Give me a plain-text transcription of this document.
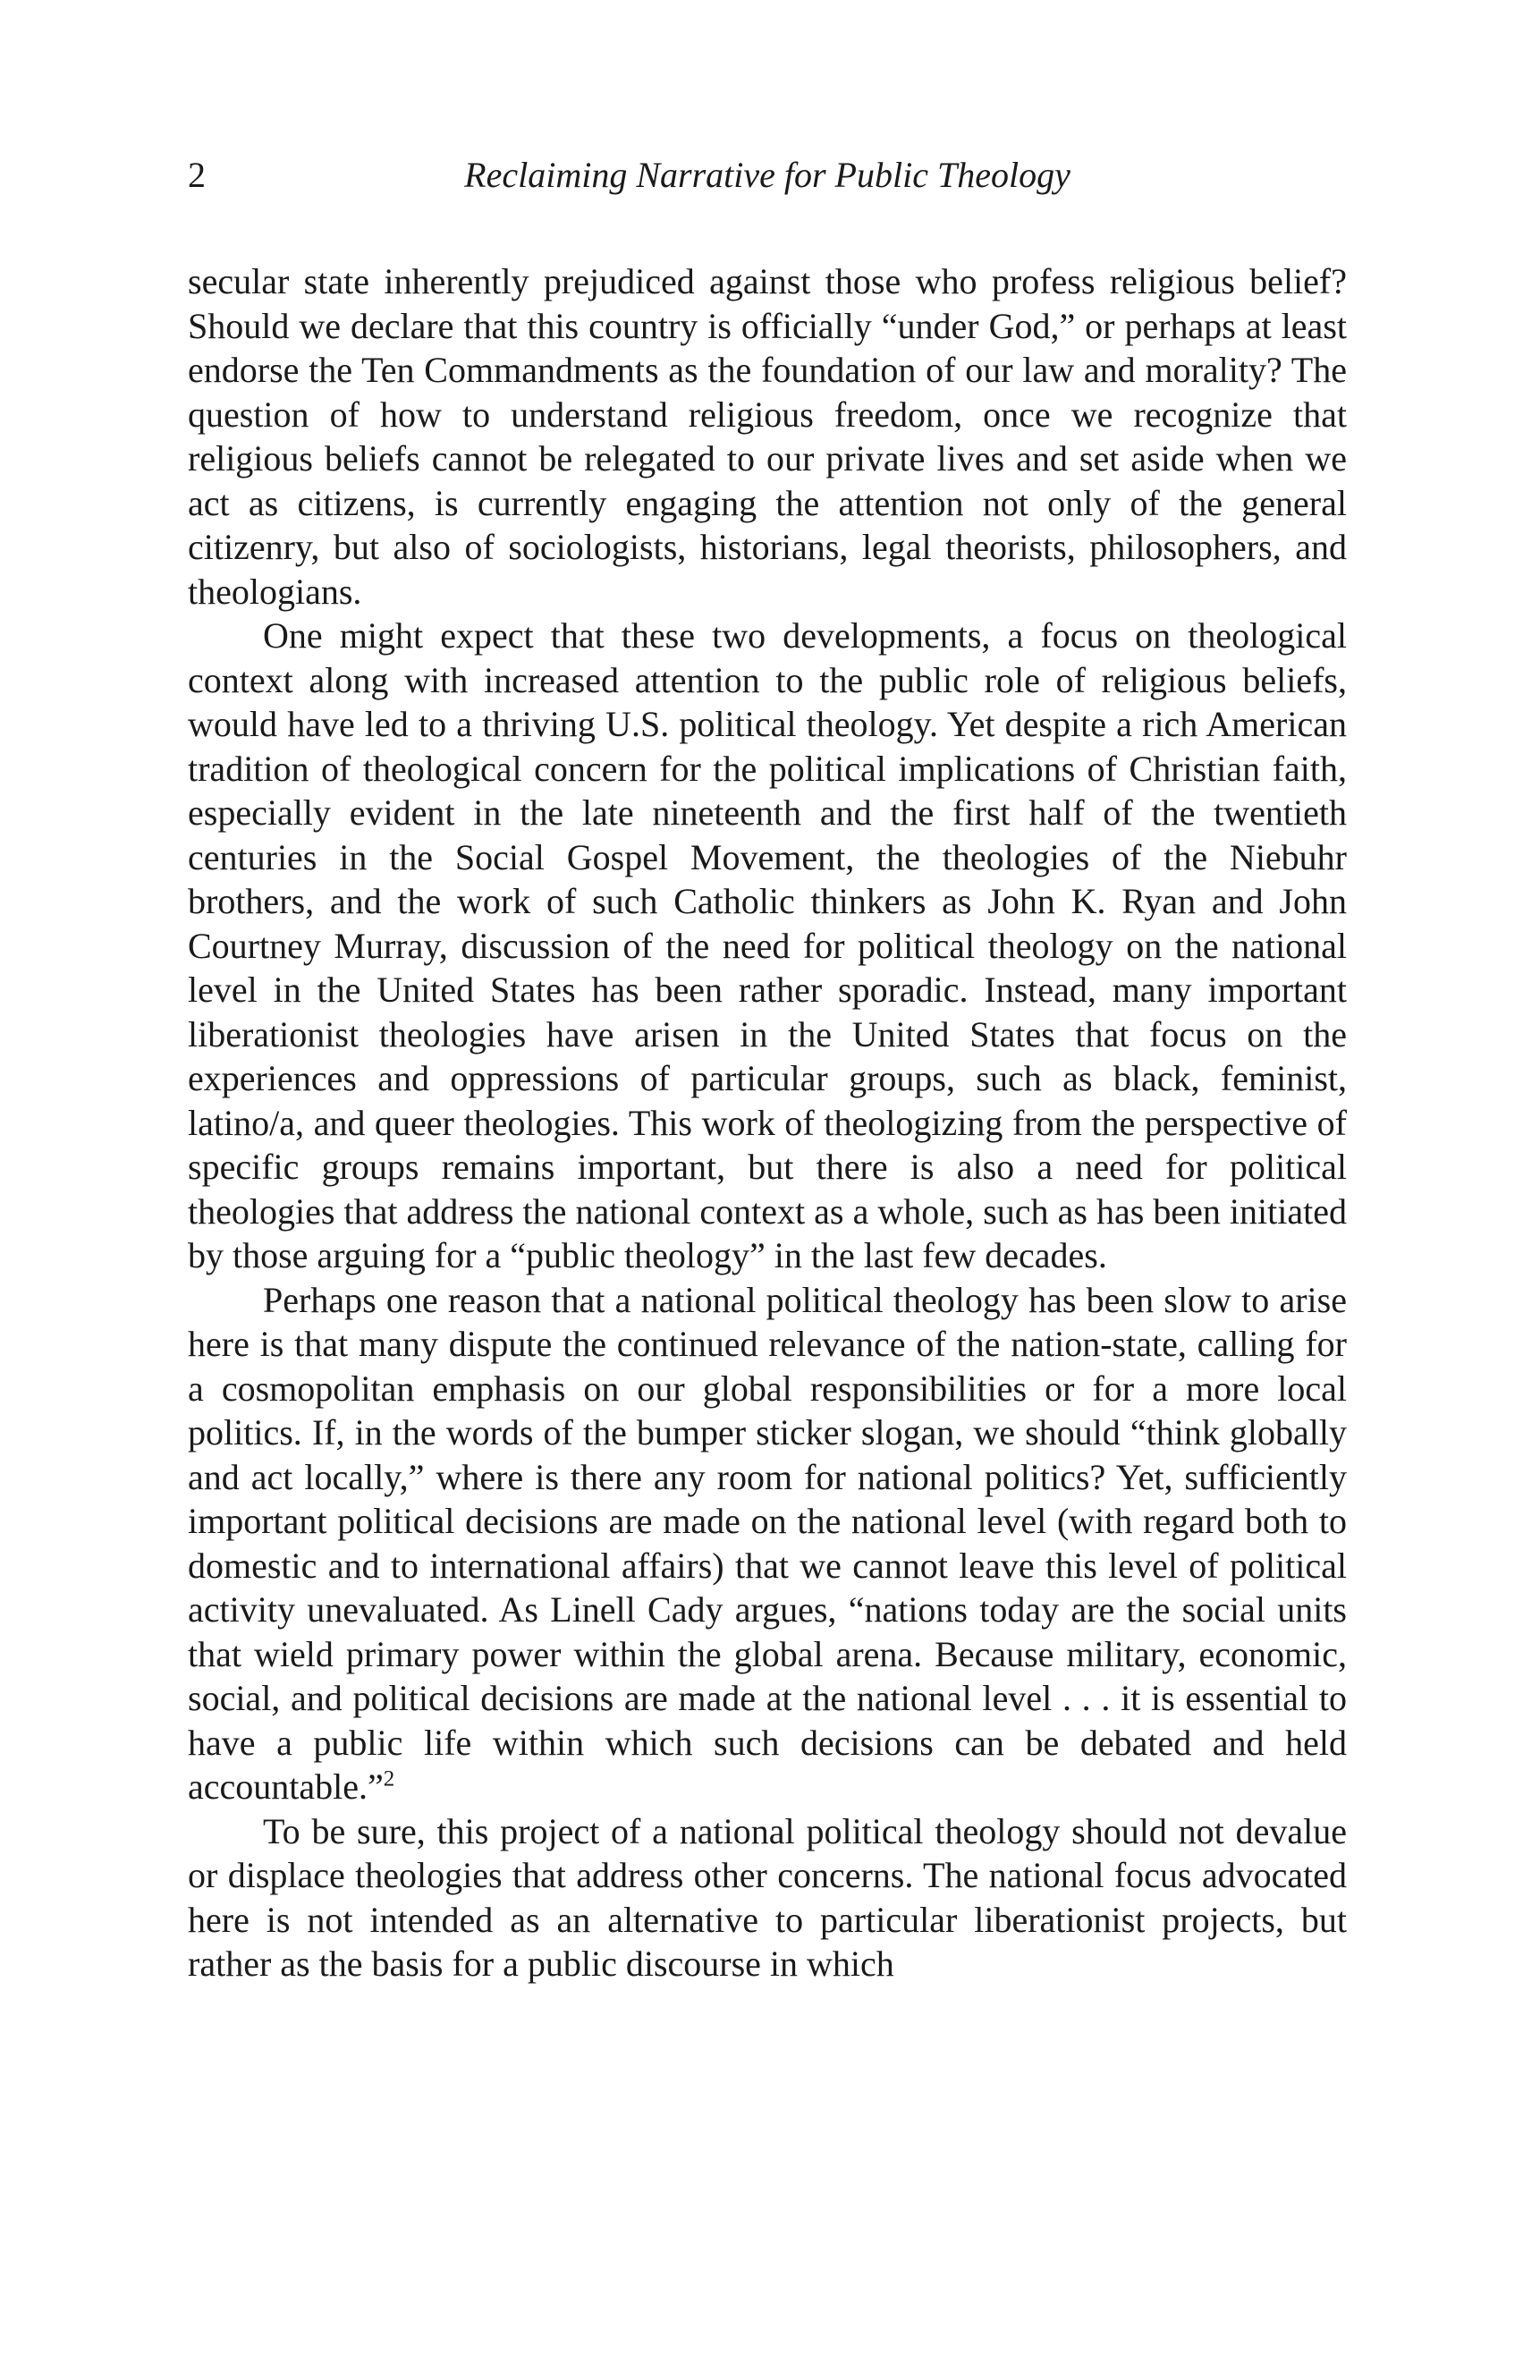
2	Reclaiming Narrative for Public Theology

secular state inherently prejudiced against those who profess religious belief? Should we declare that this country is officially “under God,” or perhaps at least endorse the Ten Commandments as the foundation of our law and morality? The question of how to understand religious freedom, once we recognize that religious beliefs cannot be relegated to our private lives and set aside when we act as citizens, is currently engaging the attention not only of the general citizenry, but also of sociologists, historians, legal theorists, philosophers, and theologians.

One might expect that these two developments, a focus on theological context along with increased attention to the public role of religious beliefs, would have led to a thriving U.S. political theology. Yet despite a rich American tradition of theological concern for the political implications of Christian faith, especially evident in the late nineteenth and the first half of the twentieth centuries in the Social Gospel Movement, the theologies of the Niebuhr brothers, and the work of such Catholic thinkers as John K. Ryan and John Courtney Murray, discussion of the need for political theology on the national level in the United States has been rather sporadic. Instead, many important liberationist theologies have arisen in the United States that focus on the experiences and oppressions of particular groups, such as black, feminist, latino/a, and queer theologies. This work of theologizing from the perspective of specific groups remains important, but there is also a need for political theologies that address the national context as a whole, such as has been initiated by those arguing for a “public theology” in the last few decades.

Perhaps one reason that a national political theology has been slow to arise here is that many dispute the continued relevance of the nation-state, calling for a cosmopolitan emphasis on our global responsibilities or for a more local politics. If, in the words of the bumper sticker slogan, we should “think globally and act locally,” where is there any room for national politics? Yet, sufficiently important political decisions are made on the national level (with regard both to domestic and to international affairs) that we cannot leave this level of political activity unevaluated. As Linell Cady argues, “nations today are the social units that wield primary power within the global arena. Because military, economic, social, and political decisions are made at the national level . . . it is essential to have a public life within which such decisions can be debated and held accountable.”$^2$

To be sure, this project of a national political theology should not devalue or displace theologies that address other concerns. The national focus advocated here is not intended as an alternative to particular liberationist projects, but rather as the basis for a public discourse in which
